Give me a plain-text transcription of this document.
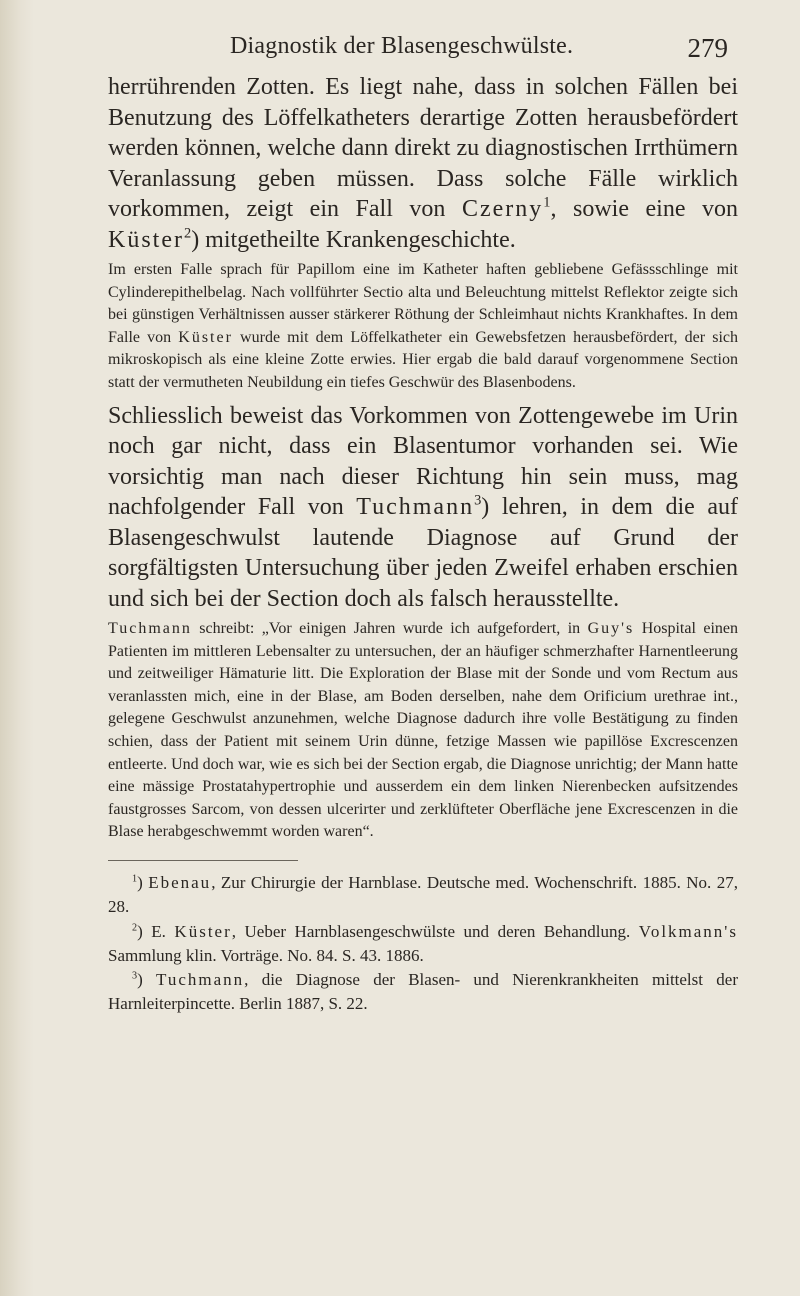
Diagnostik der Blasengeschwülste.	279

herrührenden Zotten. Es liegt nahe, dass in solchen Fällen bei Benutzung des Löffelkatheters derartige Zotten herausbefördert werden können, welche dann direkt zu diagnostischen Irrthümern Veranlassung geben müssen. Dass solche Fälle wirklich vorkommen, zeigt ein Fall von Czerny$^1$, sowie eine von Küster$^2$) mitgetheilte Krankengeschichte.

Im ersten Falle sprach für Papillom eine im Katheter haften gebliebene Gefässschlinge mit Cylinderepithelbelag. Nach vollführter Sectio alta und Beleuchtung mittelst Reflektor zeigte sich bei günstigen Verhältnissen ausser stärkerer Röthung der Schleimhaut nichts Krankhaftes. In dem Falle von Küster wurde mit dem Löffelkatheter ein Gewebsfetzen herausbefördert, der sich mikroskopisch als eine kleine Zotte erwies. Hier ergab die bald darauf vorgenommene Section statt der vermutheten Neubildung ein tiefes Geschwür des Blasenbodens.

Schliesslich beweist das Vorkommen von Zottengewebe im Urin noch gar nicht, dass ein Blasentumor vorhanden sei. Wie vorsichtig man nach dieser Richtung hin sein muss, mag nachfolgender Fall von Tuchmann$^3$) lehren, in dem die auf Blasengeschwulst lautende Diagnose auf Grund der sorgfältigsten Untersuchung über jeden Zweifel erhaben erschien und sich bei der Section doch als falsch herausstellte.

Tuchmann schreibt: „Vor einigen Jahren wurde ich aufgefordert, in Guy's Hospital einen Patienten im mittleren Lebensalter zu untersuchen, der an häufiger schmerzhafter Harnentleerung und zeitweiliger Hämaturie litt. Die Exploration der Blase mit der Sonde und vom Rectum aus veranlassten mich, eine in der Blase, am Boden derselben, nahe dem Orificium urethrae int., gelegene Geschwulst anzunehmen, welche Diagnose dadurch ihre volle Bestätigung zu finden schien, dass der Patient mit seinem Urin dünne, fetzige Massen wie papillöse Excrescenzen entleerte. Und doch war, wie es sich bei der Section ergab, die Diagnose unrichtig; der Mann hatte eine mässige Prostatahypertrophie und ausserdem ein dem linken Nierenbecken aufsitzendes faustgrosses Sarcom, von dessen ulcerirter und zerklüfteter Oberfläche jene Excrescenzen in die Blase herabgeschwemmt worden waren“.

$^1$) Ebenau, Zur Chirurgie der Harnblase. Deutsche med. Wochenschrift. 1885. No. 27, 28.

$^2$) E. Küster, Ueber Harnblasengeschwülste und deren Behandlung. Volkmann's Sammlung klin. Vorträge. No. 84. S. 43. 1886.

$^3$) Tuchmann, die Diagnose der Blasen- und Nierenkrankheiten mittelst der Harnleiterpincette. Berlin 1887, S. 22.
